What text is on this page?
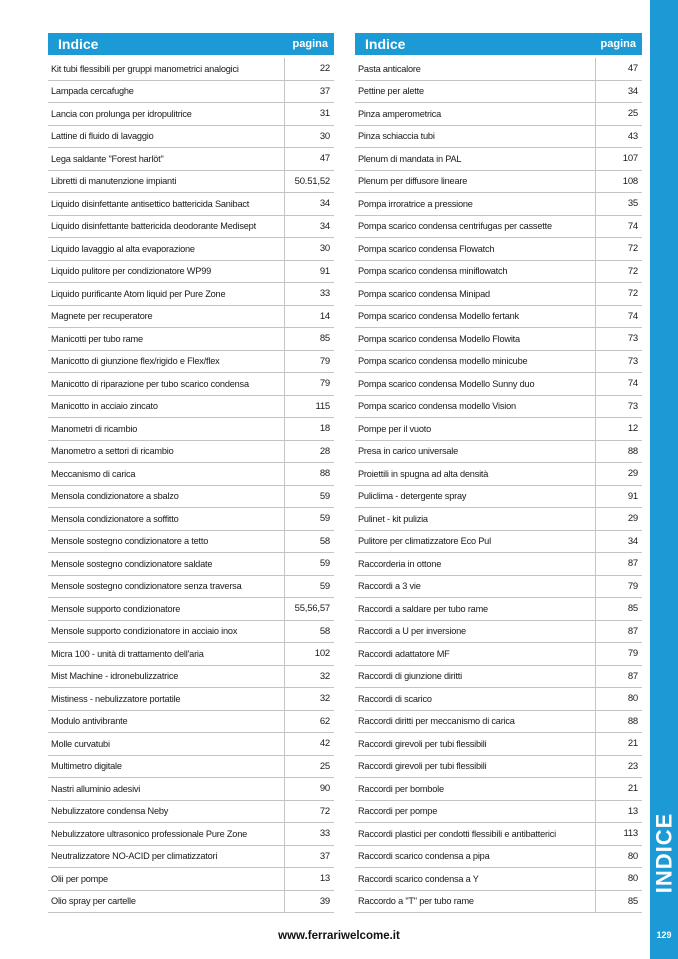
Indice	pagina
Kit tubi flessibili per gruppi manometrici analogici	22
Lampada cercafughe	37
Lancia con prolunga per idropulitrice	31
Lattine di fluido di lavaggio	30
Lega saldante "Forest harlöt"	47
Libretti di manutenzione impianti	50.51,52
Liquido disinfettante antisettico battericida Sanibact	34
Liquido disinfettante battericida deodorante Medisept	34
Liquido lavaggio al alta evaporazione	30
Liquido pulitore per condizionatore WP99	91
Liquido purificante Atom liquid per Pure Zone	33
Magnete per recuperatore	14
Manicotti per tubo rame	85
Manicotto di giunzione flex/rigido e Flex/flex	79
Manicotto di riparazione per tubo scarico condensa	79
Manicotto in acciaio zincato	115
Manometri di ricambio	18
Manometro a settori di ricambio	28
Meccanismo di carica	88
Mensola condizionatore a sbalzo	59
Mensola condizionatore a soffitto	59
Mensole sostegno condizionatore a tetto	58
Mensole sostegno condizionatore saldate	59
Mensole sostegno condizionatore senza traversa	59
Mensole supporto condizionatore	55,56,57
Mensole supporto condizionatore in acciaio inox	58
Micra 100 - unità di trattamento dell'aria	102
Mist Machine - idronebulizzatrice	32
Mistiness - nebulizzatore portatile	32
Modulo antivibrante	62
Molle curvatubi	42
Multimetro digitale	25
Nastri alluminio adesivi	90
Nebulizzatore condensa Neby	72
Nebulizzatore ultrasonico professionale Pure Zone	33
Neutralizzatore NO-ACID per climatizzatori	37
Olii per pompe	13
Olio spray per cartelle	39
Indice	pagina
Pasta anticalore	47
Pettine per alette	34
Pinza amperometrica	25
Pinza schiaccia tubi	43
Plenum di mandata in PAL	107
Plenum per diffusore lineare	108
Pompa irroratrice a pressione	35
Pompa scarico condensa centrifugas per cassette	74
Pompa scarico condensa Flowatch	72
Pompa scarico condensa miniflowatch	72
Pompa scarico condensa Minipad	72
Pompa scarico condensa Modello fertank	74
Pompa scarico condensa Modello Flowita	73
Pompa scarico condensa modello minicube	73
Pompa scarico condensa Modello Sunny duo	74
Pompa scarico condensa modello Vision	73
Pompe per il vuoto	12
Presa in carico universale	88
Proiettili in spugna ad alta densità	29
Puliclima - detergente spray	91
Pulinet - kit pulizia	29
Pulitore per climatizzatore Eco Pul	34
Raccorderia in ottone	87
Raccordi a 3 vie	79
Raccordi a saldare per tubo rame	85
Raccordi a U per inversione	87
Raccordi adattatore MF	79
Raccordi di giunzione diritti	87
Raccordi di scarico	80
Raccordi diritti per meccanismo di carica	88
Raccordi girevoli per tubi flessibili	21
Raccordi girevoli per tubi flessibili	23
Raccordi per bombole	21
Raccordi per pompe	13
Raccordi plastici per condotti flessibili e antibatterici	113
Raccordi scarico condensa a pipa	80
Raccordi scarico condensa a Y	80
Raccordo a "T" per tubo rame	85
INDICE
129
www.ferrariwelcome.it
